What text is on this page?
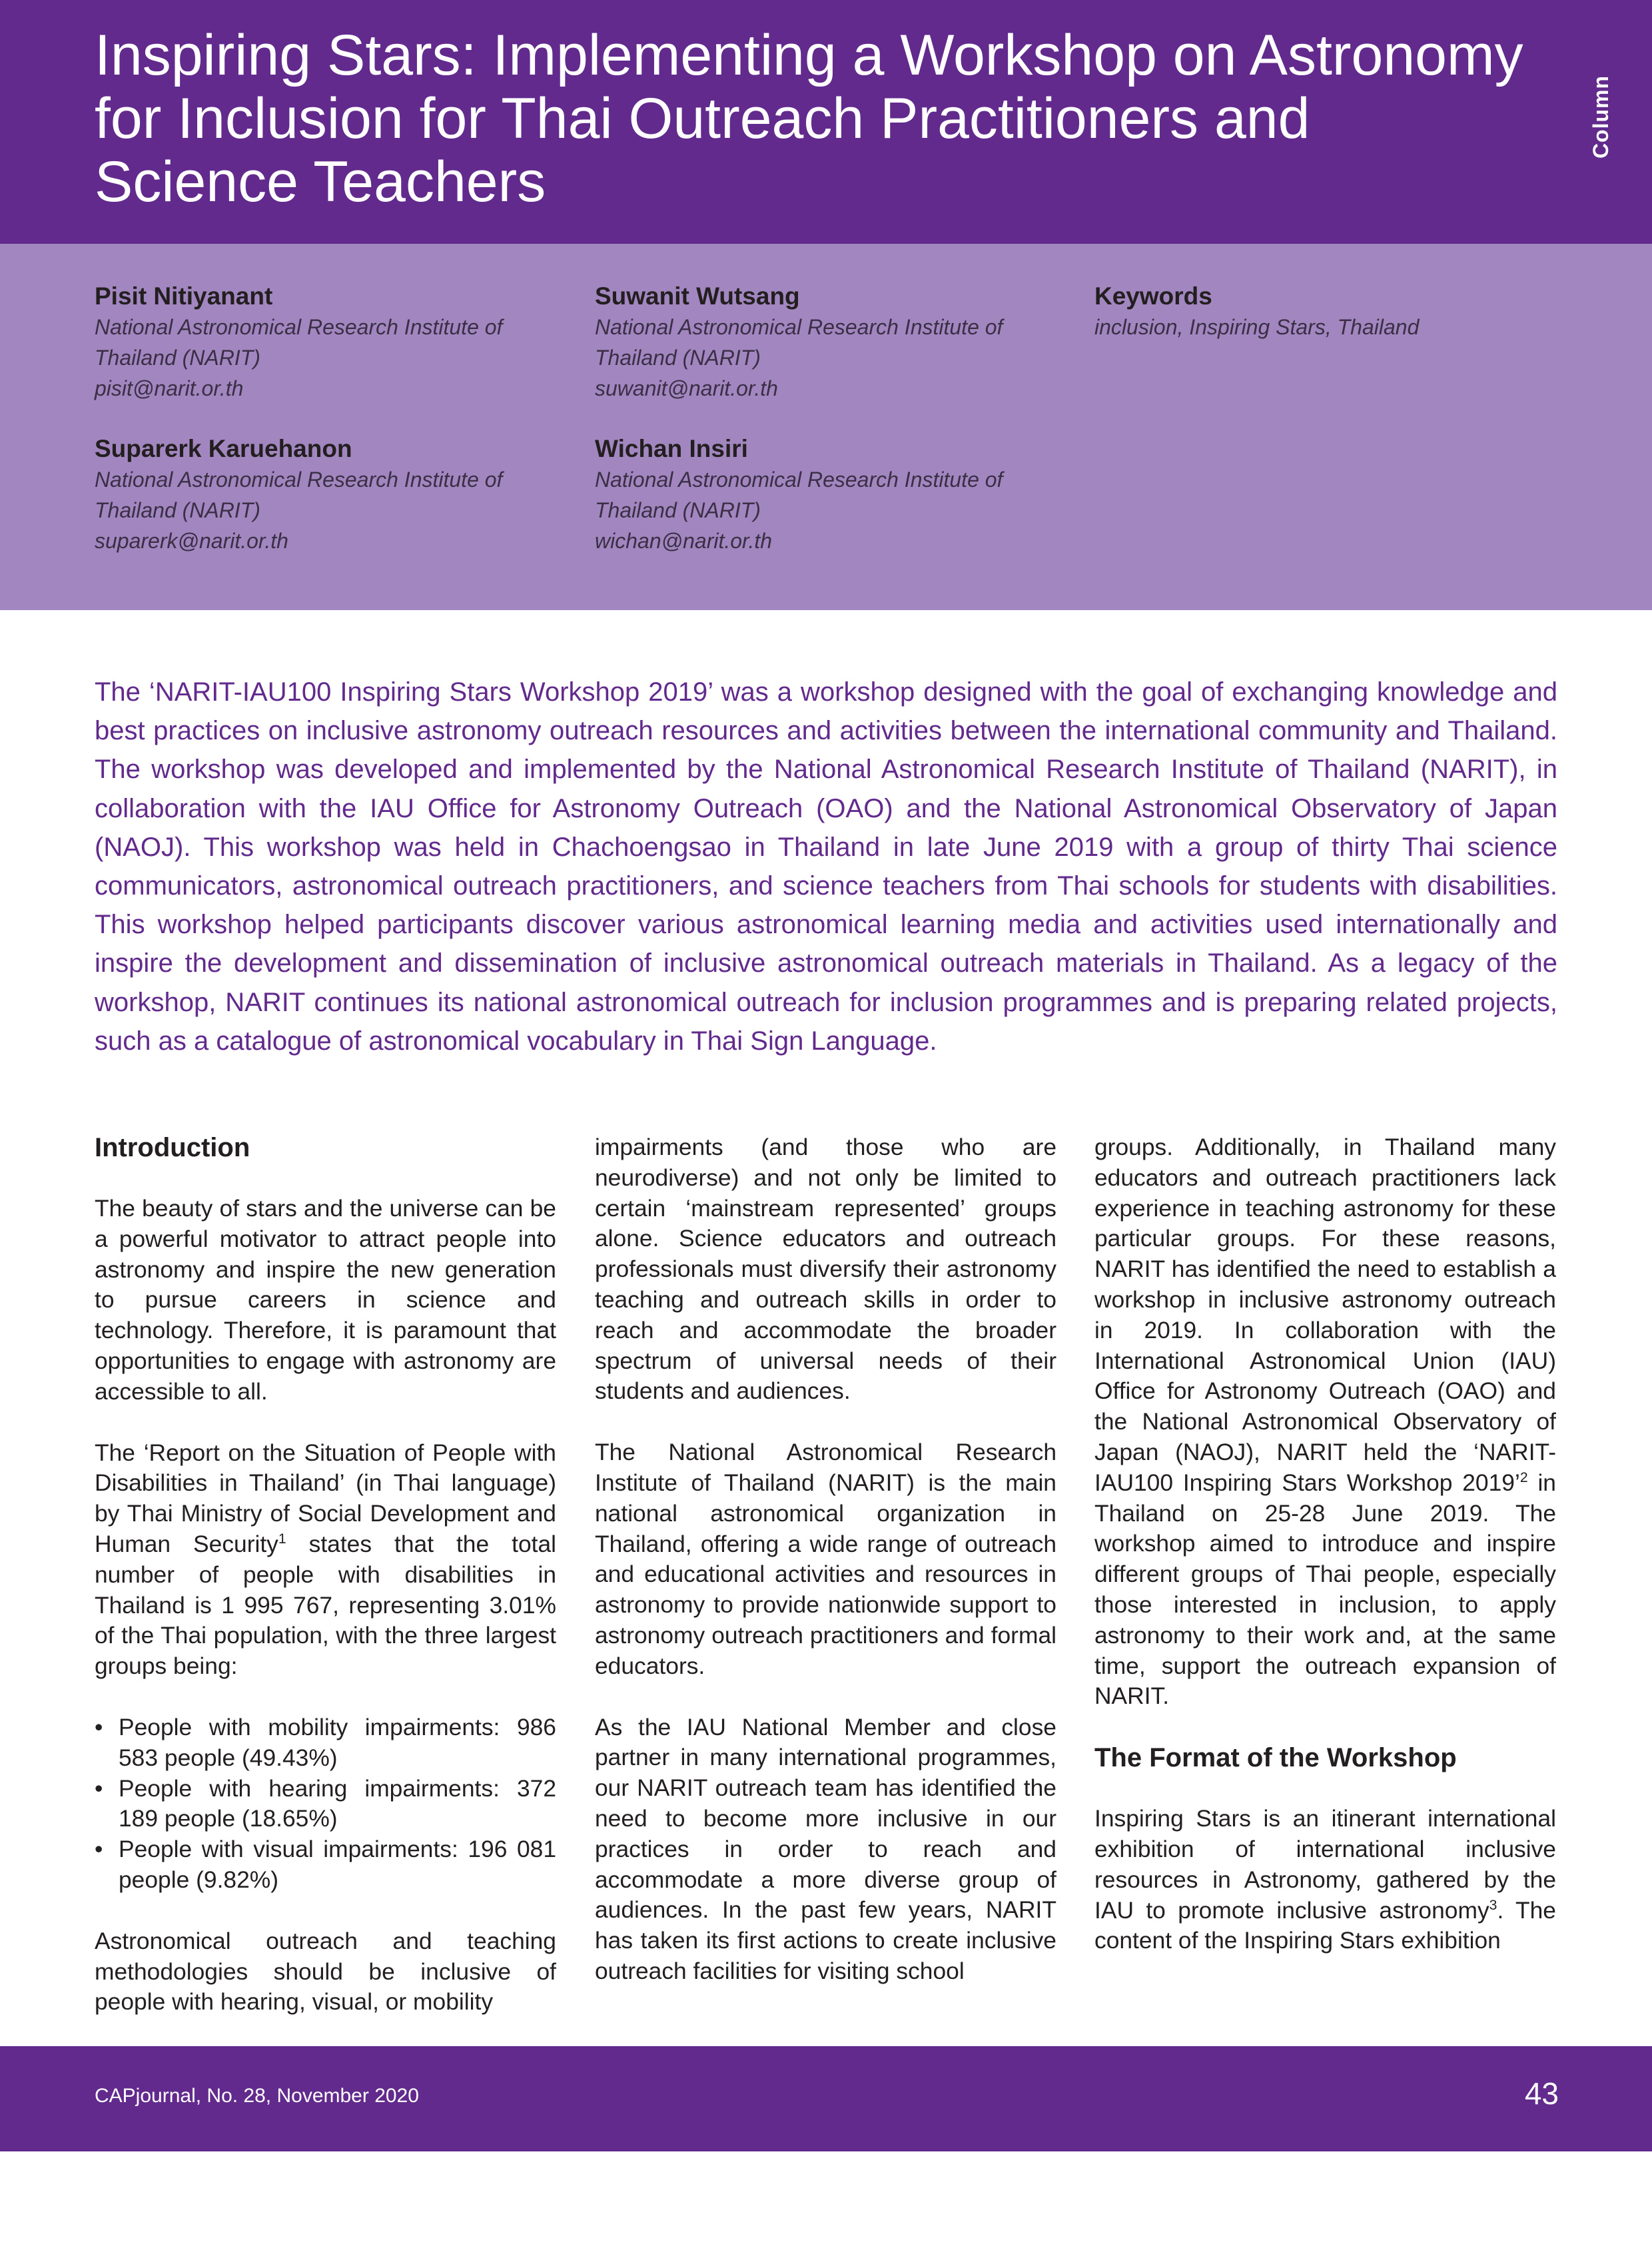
Inspiring Stars: Implementing a Workshop on Astronomy for Inclusion for Thai Outreach Practitioners and Science Teachers
Column
Pisit Nitiyanant
National Astronomical Research Institute of
Thailand (NARIT)
pisit@narit.or.th
Suwanit Wutsang
National Astronomical Research Institute of
Thailand (NARIT)
suwanit@narit.or.th
Keywords
inclusion, Inspiring Stars, Thailand
Suparerk Karuehanon
National Astronomical Research Institute of
Thailand (NARIT)
suparerk@narit.or.th
Wichan Insiri
National Astronomical Research Institute of
Thailand (NARIT)
wichan@narit.or.th
The ‘NARIT-IAU100 Inspiring Stars Workshop 2019’ was a workshop designed with the goal of exchanging knowledge and best practices on inclusive astronomy outreach resources and activities between the international community and Thailand. The workshop was developed and implemented by the National Astronomical Research Institute of Thailand (NARIT), in collaboration with the IAU Office for Astronomy Outreach (OAO) and the National Astronomical Observatory of Japan (NAOJ). This workshop was held in Chachoengsao in Thailand in late June 2019 with a group of thirty Thai science communicators, astronomical outreach practitioners, and science teachers from Thai schools for students with disabilities. This workshop helped participants discover various astronomical learning media and activities used internationally and inspire the development and dissemination of inclusive astronomical outreach materials in Thailand. As a legacy of the workshop, NARIT continues its national astronomical outreach for inclusion programmes and is preparing related projects, such as a catalogue of astronomical vocabulary in Thai Sign Language.
Introduction

The beauty of stars and the universe can be a powerful motivator to attract people into astronomy and inspire the new generation to pursue careers in science and technology. Therefore, it is paramount that opportunities to engage with astronomy are accessible to all.

The ‘Report on the Situation of People with Disabilities in Thailand’ (in Thai language) by Thai Ministry of Social Development and Human Security$^1$ states that the total number of people with disabilities in Thailand is 1 995 767, representing 3.01% of the Thai population, with the three largest groups being:

• People with mobility impairments: 986 583 people (49.43%)
• People with hearing impairments: 372 189 people (18.65%)
• People with visual impairments: 196 081 people (9.82%)

Astronomical outreach and teaching methodologies should be inclusive of people with hearing, visual, or mobility

impairments (and those who are neurodiverse) and not only be limited to certain ‘mainstream represented’ groups alone. Science educators and outreach professionals must diversify their astronomy teaching and outreach skills in order to reach and accommodate the broader spectrum of universal needs of their students and audiences.

The National Astronomical Research Institute of Thailand (NARIT) is the main national astronomical organization in Thailand, offering a wide range of outreach and educational activities and resources in astronomy to provide nationwide support to astronomy outreach practitioners and formal educators.

As the IAU National Member and close partner in many international programmes, our NARIT outreach team has identified the need to become more inclusive in our practices in order to reach and accommodate a more diverse group of audiences. In the past few years, NARIT has taken its first actions to create inclusive outreach facilities for visiting school

groups. Additionally, in Thailand many educators and outreach practitioners lack experience in teaching astronomy for these particular groups. For these reasons, NARIT has identified the need to establish a workshop in inclusive astronomy outreach in 2019. In collaboration with the International Astronomical Union (IAU) Office for Astronomy Outreach (OAO) and the National Astronomical Observatory of Japan (NAOJ), NARIT held the ‘NARIT-IAU100 Inspiring Stars Workshop 2019’$^2$ in Thailand on 25-28 June 2019. The workshop aimed to introduce and inspire different groups of Thai people, especially those interested in inclusion, to apply astronomy to their work and, at the same time, support the outreach expansion of NARIT.

The Format of the Workshop

Inspiring Stars is an itinerant international exhibition of international inclusive resources in Astronomy, gathered by the IAU to promote inclusive astronomy$^3$. The content of the Inspiring Stars exhibition

CAPjournal, No. 28, November 2020	43
